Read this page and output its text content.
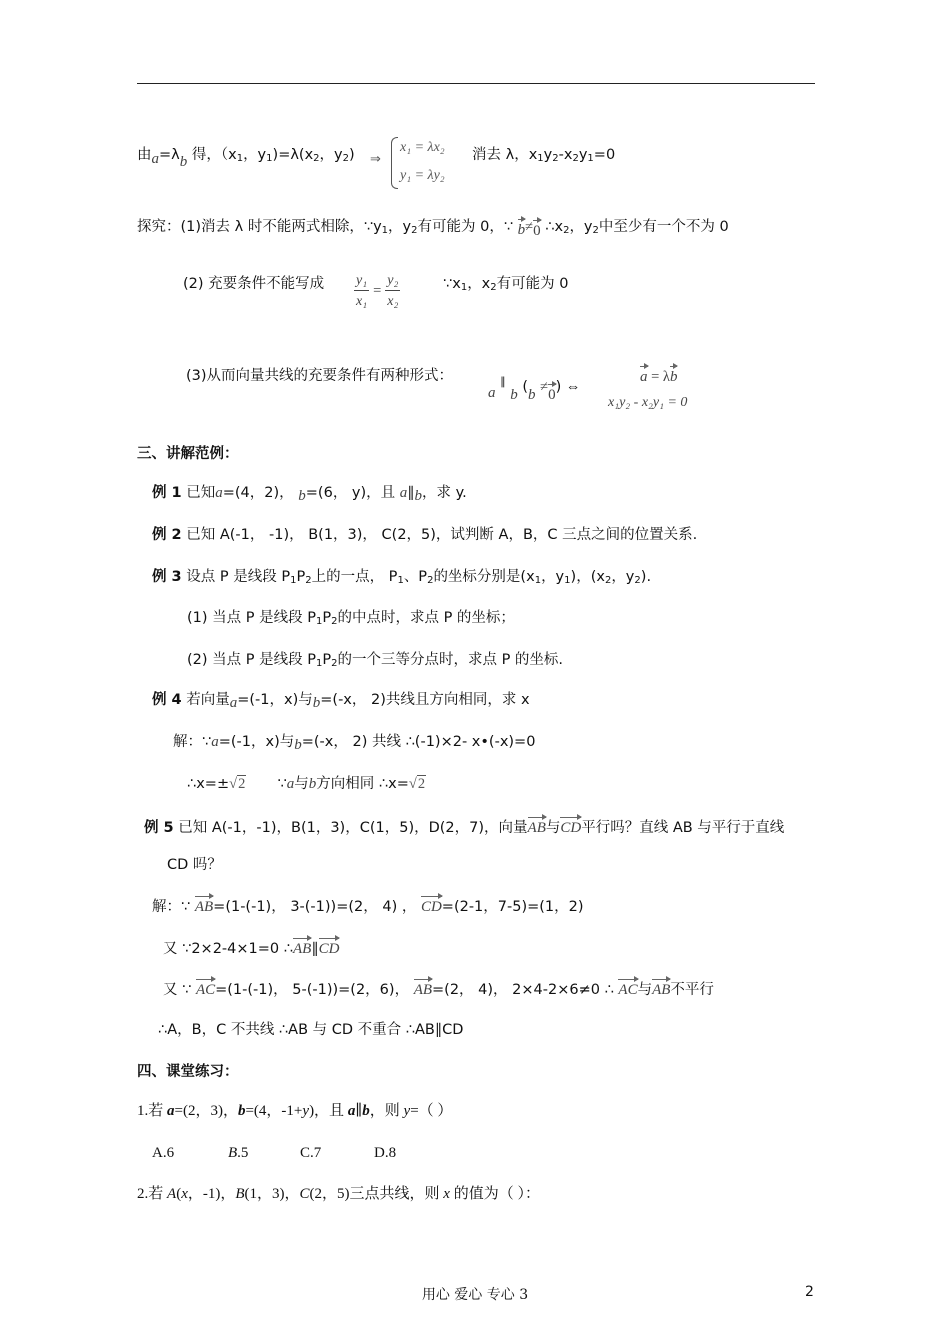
由a=λb 得，（$x_1$，$y_1)=\lambda(x_2$，$y_2$) ⇒
x₁ = λx₂
y₁ = λy₂
消去 λ，$x_1y_2-x_2y_1=0$
探究：(1)消去 λ 时不能两式相除，$\because y_1$，$y_2$有可能为 0，∵ b≠0 $\therefore x_2$，$y_2$中至少有一个不为 0
(2) 充要条件不能写成 $\frac{\text{y₁}}{\text{x₁}} = \frac{\text{y₂}}{\text{x₂}}$	$\because x_1$，$x_2$有可能为 0
(3)从而向量共线的充要条件有两种形式：
a ∥ b (b ≠0) ⇔
a = λb
x₁y₂ - x₂y₁ = 0
三、讲解范例：
例 1 已知a=(4，2)， b=(6， y)，且 a∥b，求 y.
例 2 已知 A(-1， -1)， B(1，3)， C(2，5)，试判断 A，B，C 三点之间的位置关系.
例 3 设点 P 是线段 $P_1P_2$上的一点， $P_1$、$P_2$的坐标分别是($x_1$，$y_1$)，($x_2$，$y_2$).
(1) 当点 P 是线段 $P_1P_2$的中点时，求点 P 的坐标；
(2) 当点 P 是线段 $P_1P_2$的一个三等分点时，求点 P 的坐标.
例 4 若向量a=(-1，x)与b=(-x， 2)共线且方向相同，求 x
解：∵a=(-1，x)与b=(-x， 2) 共线 ∴(-1)×2- x•(-x)=0
∴x=±√2 ∵a与b方向相同 ∴x=√2
例 5 已知 A(-1，-1)，B(1，3)，C(1，5)，D(2，7)，向量AB与CD平行吗？直线 AB 与平行于直线
CD 吗？
解：∵ AB=(1-(-1)， 3-(-1))=(2， 4) ， CD=(2-1，7-5)=(1，2)
又 ∵2×2-4×1=0 ∴AB∥CD
又 ∵ AC=(1-(-1)， 5-(-1))=(2，6)， AB=(2， 4)， 2×4-2×6≠0 ∴ AC与AB不平行
∴A，B，C 不共线 ∴AB 与 CD 不重合 ∴AB∥CD
四、课堂练习：
1.若 a=(2，3)，b=(4，-1+y)，且 a∥b，则 y=（ ）
A.6	B.5	C.7	D.8
2.若 A(x，-1)，B(1，3)，C(2，5)三点共线，则 x 的值为（ ）：
用心 爱心 专心 3	2
